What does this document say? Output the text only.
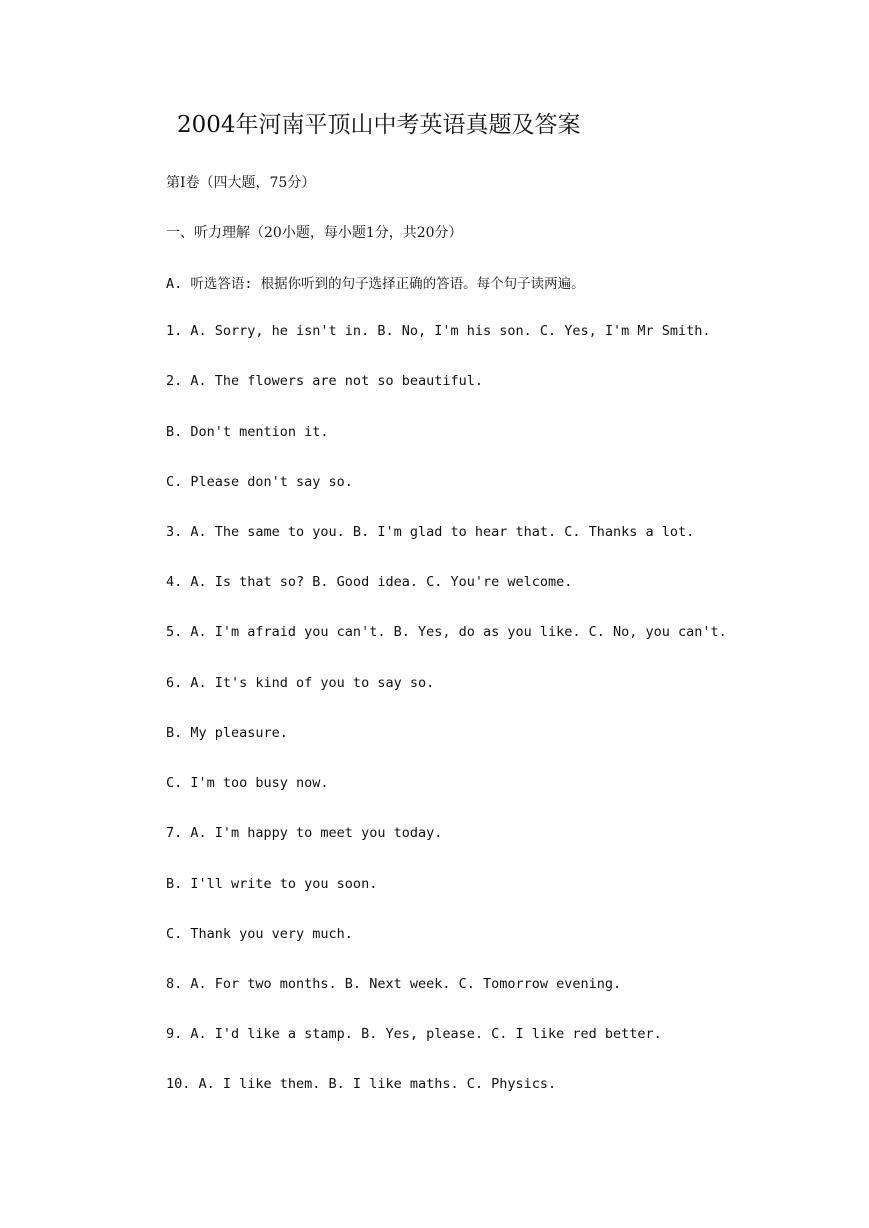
2004年河南平顶山中考英语真题及答案
第Ⅰ卷（四大题，75分）
一、听力理解（20小题，每小题1分，共20分）
A. 听选答语: 根据你听到的句子选择正确的答语。每个句子读两遍。
1. A. Sorry, he isn't in. B. No, I'm his son. C. Yes, I'm Mr Smith.
2. A. The flowers are not so beautiful.
B. Don't mention it.
C. Please don't say so.
3. A. The same to you. B. I'm glad to hear that. C. Thanks a lot.
4. A. Is that so? B. Good idea. C. You're welcome.
5. A. I'm afraid you can't. B. Yes, do as you like. C. No, you can't.
6. A. It's kind of you to say so.
B. My pleasure.
C. I'm too busy now.
7. A. I'm happy to meet you today.
B. I'll write to you soon.
C. Thank you very much.
8. A. For two months. B. Next week. C. Tomorrow evening.
9. A. I'd like a stamp. B. Yes, please. C. I like red better.
10. A. I like them. B. I like maths. C. Physics.
